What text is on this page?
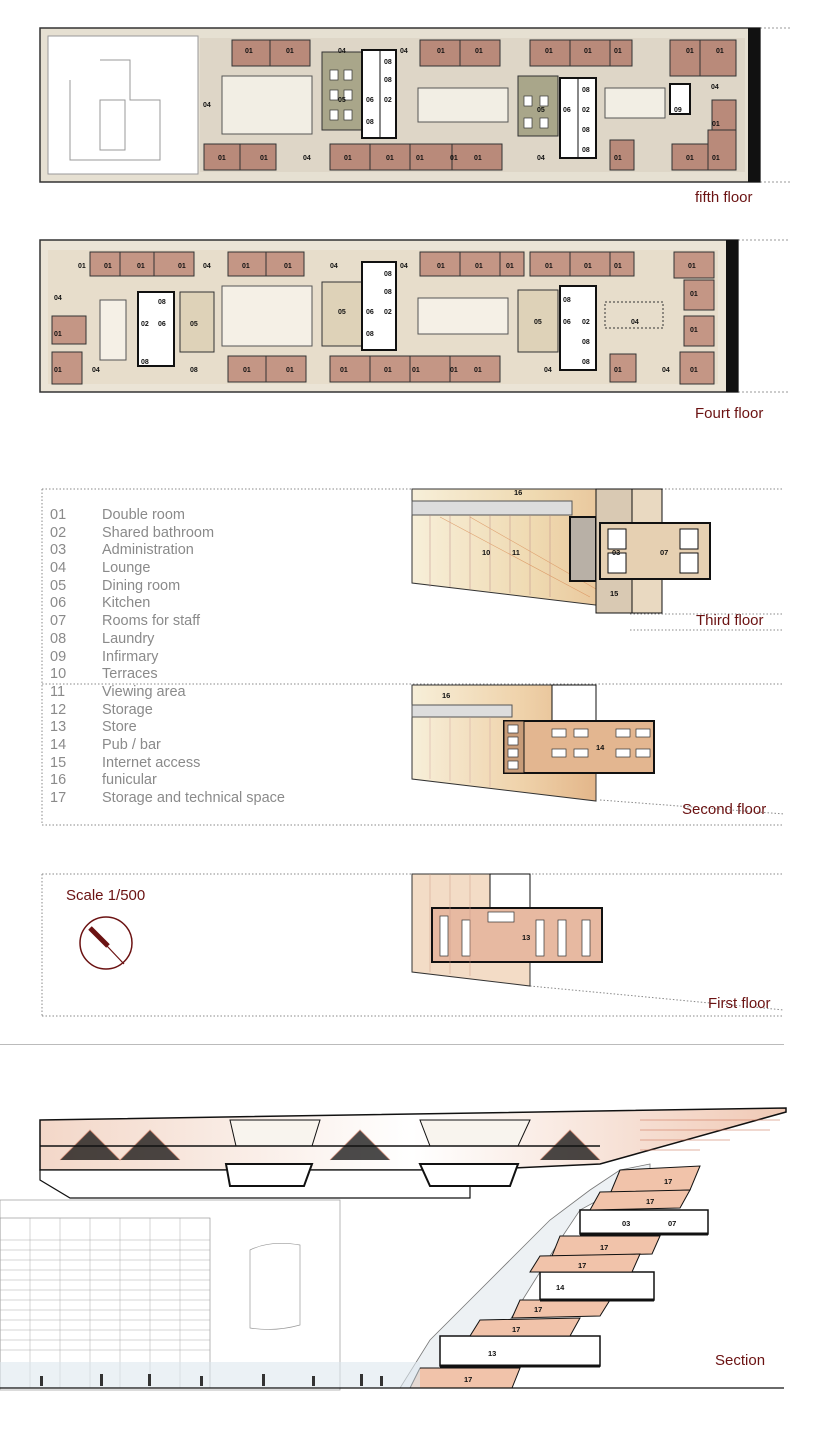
01	01	01	01	01	01	01	01	01
01	01	01	01	01	01 01	01	01	01
01
04	04
04
04	04
04
05
05
06
06
02
02
08
08
08
08
08
08
09
fifth floor
01	01	01	01	01	01	01	01	01	01	01	01	01
01
01
01
01	01	01	01	01	01	01 01	01	01
04	04	04
04
04	04
04
04
05
05
05
06
06
06
02
02
02
08
08
08
08
08
08
08
08
08
Fourt floor
01	Double room
02	Shared bathroom
03	Administration
04	Lounge
05	Dining room
06	Kitchen
07	Rooms for staff
08	Laundry
09	Infirmary
10	Terraces
11	Viewing area
12	Storage
13	Store
14	Pub / bar
15	Internet access
16	funicular
17	Storage and technical space
16
10	11	03	07
15
Third floor
16
14
Second floor
13
Scale 1/500
First floor
17
17
03	07
17
17
14
17
17
13
17
Section
